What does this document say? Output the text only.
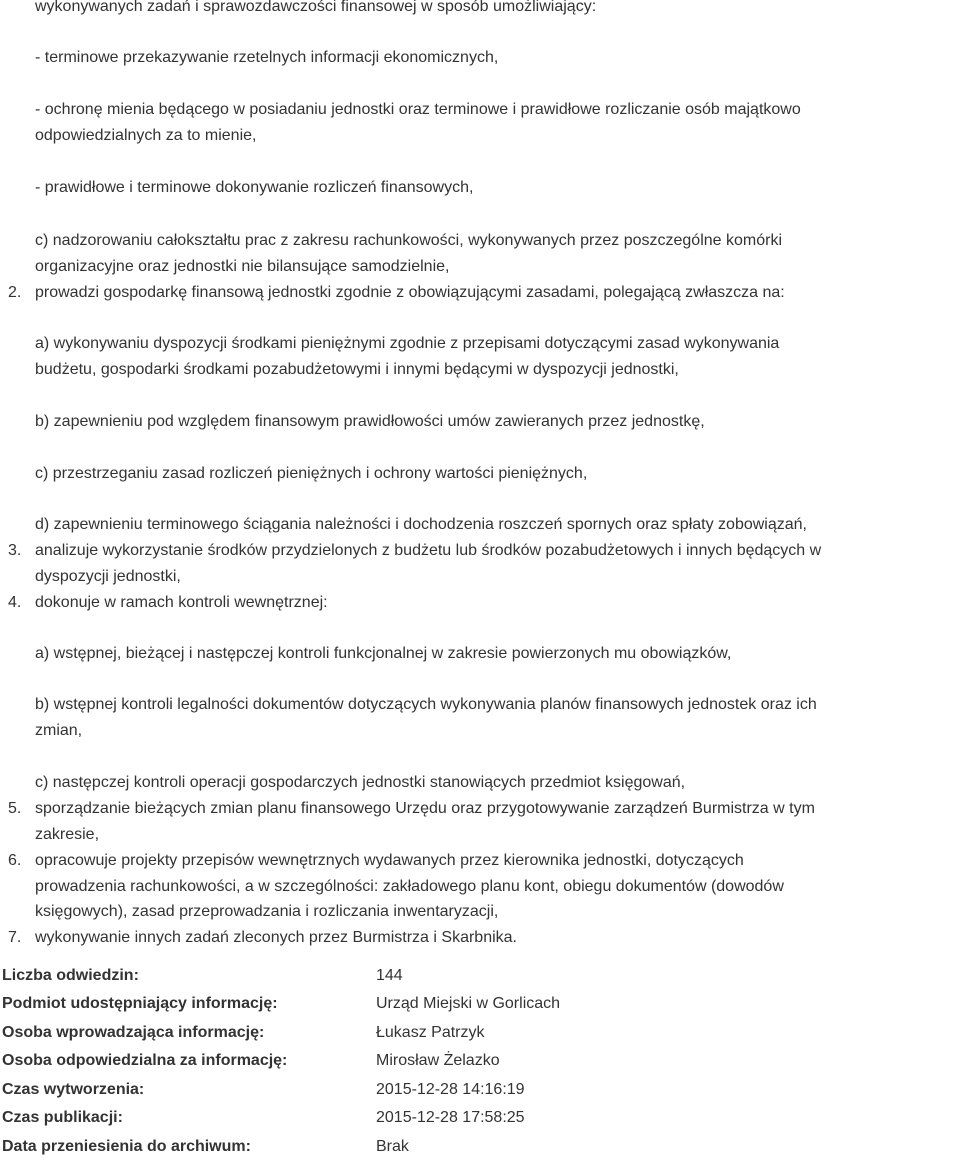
wykonywanych zadań i sprawozdawczości finansowej w sposób umożliwiający:
- terminowe przekazywanie rzetelnych informacji ekonomicznych,
- ochronę mienia będącego w posiadaniu jednostki oraz terminowe i prawidłowe rozliczanie osób majątkowo
odpowiedzialnych za to mienie,
- prawidłowe i terminowe dokonywanie rozliczeń finansowych,
c) nadzorowaniu całokształtu prac z zakresu rachunkowości, wykonywanych przez poszczególne komórki
organizacyjne oraz jednostki nie bilansujące samodzielnie,
2. prowadzi gospodarkę finansową jednostki zgodnie z obowiązującymi zasadami, polegającą zwłaszcza na:
a) wykonywaniu dyspozycji środkami pieniężnymi zgodnie z przepisami dotyczącymi zasad wykonywania
budżetu, gospodarki środkami pozabudżetowymi i innymi będącymi w dyspozycji jednostki,
b) zapewnieniu pod względem finansowym prawidłowości umów zawieranych przez jednostkę,
c) przestrzeganiu zasad rozliczeń pieniężnych i ochrony wartości pieniężnych,
d) zapewnieniu terminowego ściągania należności i dochodzenia roszczeń spornych oraz spłaty zobowiązań,
3. analizuje wykorzystanie środków przydzielonych z budżetu lub środków pozabudżetowych i innych będących w
dyspozycji jednostki,
4. dokonuje w ramach kontroli wewnętrznej:
a) wstępnej, bieżącej i następczej kontroli funkcjonalnej w zakresie powierzonych mu obowiązków,
b) wstępnej kontroli legalności dokumentów dotyczących wykonywania planów finansowych jednostek oraz ich
zmian,
c) następczej kontroli operacji gospodarczych jednostki stanowiących przedmiot księgowań,
5. sporządzanie bieżących zmian planu finansowego Urzędu oraz przygotowywanie zarządzeń Burmistrza w tym
zakresie,
6. opracowuje projekty przepisów wewnętrznych wydawanych przez kierownika jednostki, dotyczących
prowadzenia rachunkowości, a w szczególności: zakładowego planu kont, obiegu dokumentów (dowodów
księgowych), zasad przeprowadzania i rozliczania inwentaryzacji,
7. wykonywanie innych zadań zleconych przez Burmistrza i Skarbnika.
Liczba odwiedzin:	144
Podmiot udostępniający informację:	Urząd Miejski w Gorlicach
Osoba wprowadzająca informację:	Łukasz Patrzyk
Osoba odpowiedzialna za informację:	Mirosław Żelazko
Czas wytworzenia:	2015-12-28 14:16:19
Czas publikacji:	2015-12-28 17:58:25
Data przeniesienia do archiwum:	Brak
